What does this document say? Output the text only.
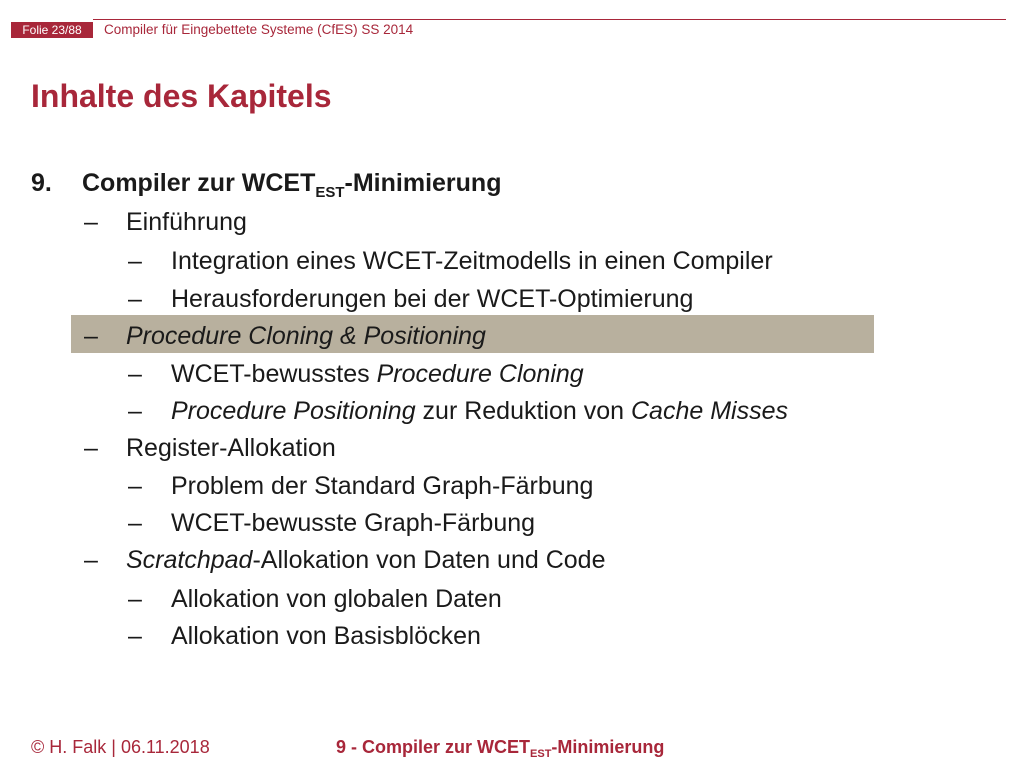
Folie 23/88	Compiler für Eingebettete Systeme (CfES) SS 2014
Inhalte des Kapitels
9. Compiler zur $WCET_{EST}$-Minimierung
– Einführung
– Integration eines WCET-Zeitmodells in einen Compiler
– Herausforderungen bei der WCET-Optimierung
– Procedure Cloning & Positioning
– WCET-bewusstes Procedure Cloning
– Procedure Positioning zur Reduktion von Cache Misses
– Register-Allokation
– Problem der Standard Graph-Färbung
– WCET-bewusste Graph-Färbung
– Scratchpad-Allokation von Daten und Code
– Allokation von globalen Daten
– Allokation von Basisblöcken
© H. Falk | 06.11.2018	9 - Compiler zur $WCET_{EST}$-Minimierung
